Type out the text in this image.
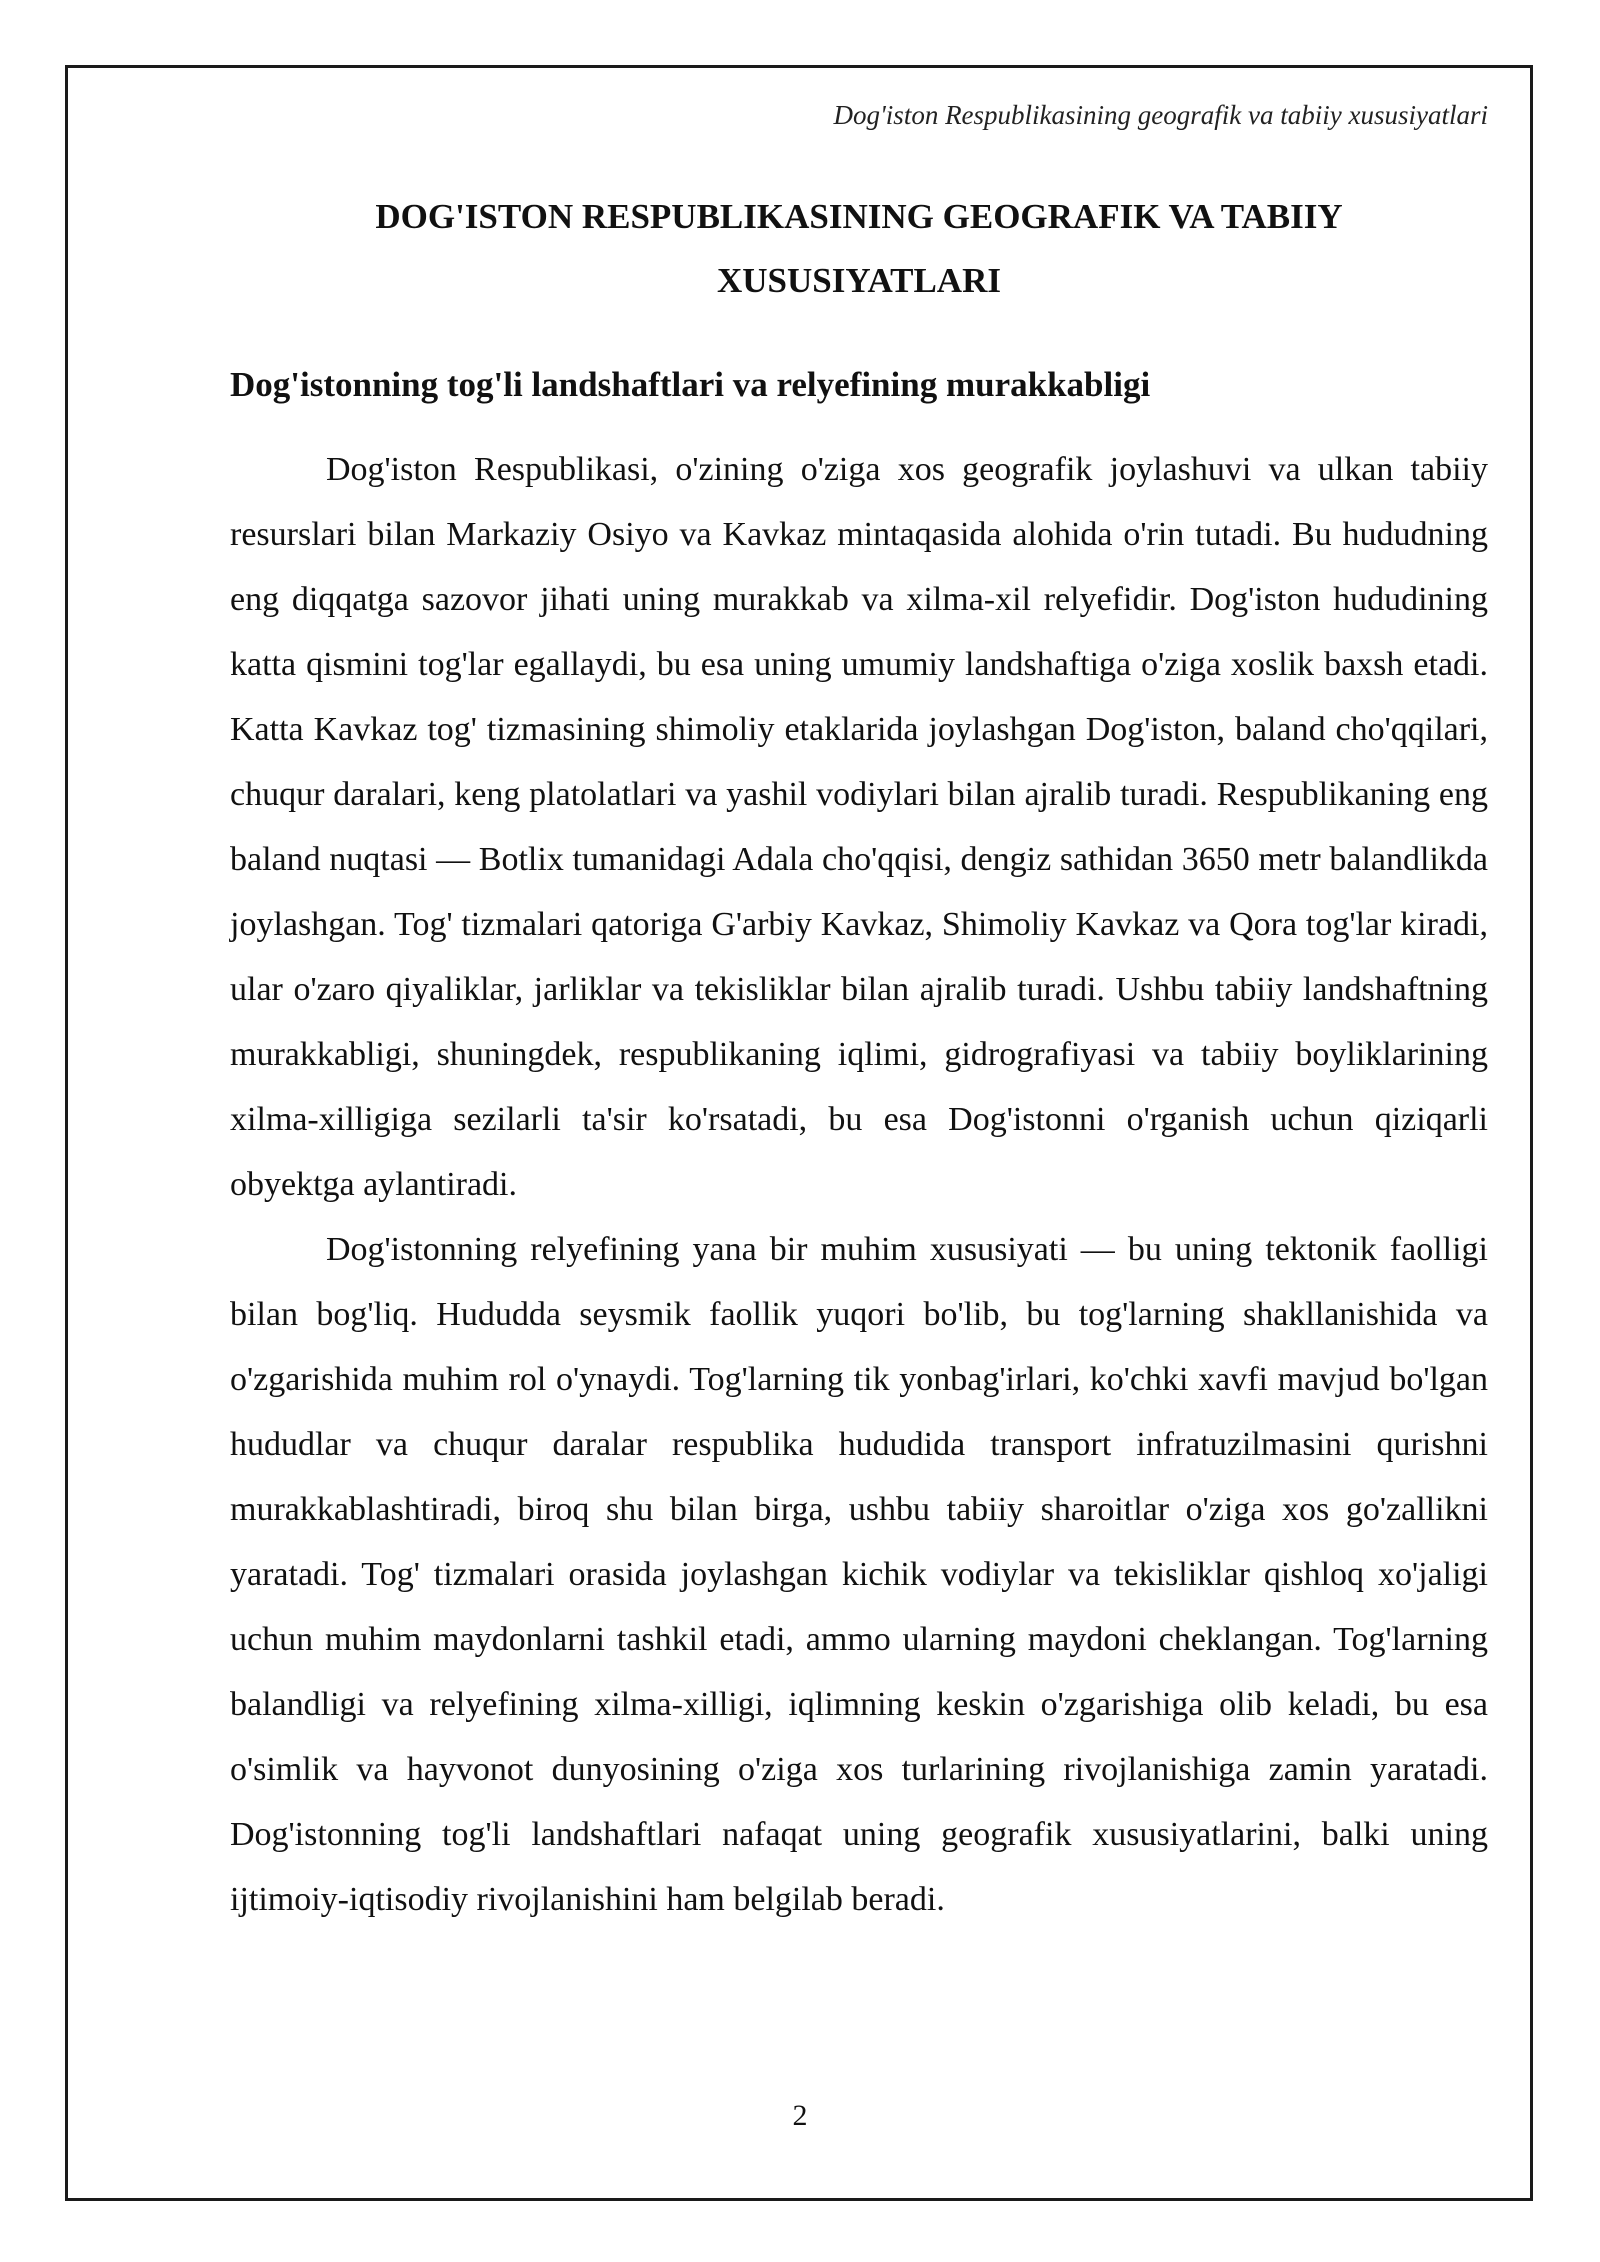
Dog'iston Respublikasining geografik va tabiiy xususiyatlari
DOG'ISTON RESPUBLIKASINING GEOGRAFIK VA TABIIY
XUSUSIYATLARI
Dog'istonning tog'li landshaftlari va relyefining murakkabligi

Dog'iston Respublikasi, o'zining o'ziga xos geografik joylashuvi va ulkan tabiiy resurslari bilan Markaziy Osiyo va Kavkaz mintaqasida alohida o'rin tutadi. Bu hududning eng diqqatga sazovor jihati uning murakkab va xilma-xil relyefidir. Dog'iston hududining katta qismini tog'lar egallaydi, bu esa uning umumiy landshaftiga o'ziga xoslik baxsh etadi. Katta Kavkaz tog' tizmasining shimoliy etaklarida joylashgan Dog'iston, baland cho'qqilari, chuqur daralari, keng platolatlari va yashil vodiylari bilan ajralib turadi. Respublikaning eng baland nuqtasi — Botlix tumanidagi Adala cho'qqisi, dengiz sathidan 3650 metr balandlikda joylashgan. Tog' tizmalari qatoriga G'arbiy Kavkaz, Shimoliy Kavkaz va Qora tog'lar kiradi, ular o'zaro qiyaliklar, jarliklar va tekisliklar bilan ajralib turadi. Ushbu tabiiy landshaftning murakkabligi, shuningdek, respublikaning iqlimi, gidrografiyasi va tabiiy boyliklarining xilma-xilligiga sezilarli ta'sir ko'rsatadi, bu esa Dog'istonni o'rganish uchun qiziqarli obyektga aylantiradi.

Dog'istonning relyefining yana bir muhim xususiyati — bu uning tektonik faolligi bilan bog'liq. Hududda seysmik faollik yuqori bo'lib, bu tog'larning shakllanishida va o'zgarishida muhim rol o'ynaydi. Tog'larning tik yonbag'irlari, ko'chki xavfi mavjud bo'lgan hududlar va chuqur daralar respublika hududida transport infratuzilmasini qurishni murakkablashtiradi, biroq shu bilan birga, ushbu tabiiy sharoitlar o'ziga xos go'zallikni yaratadi. Tog' tizmalari orasida joylashgan kichik vodiylar va tekisliklar qishloq xo'jaligi uchun muhim maydonlarni tashkil etadi, ammo ularning maydoni cheklangan. Tog'larning balandligi va relyefining xilma-xilligi, iqlimning keskin o'zgarishiga olib keladi, bu esa o'simlik va hayvonot dunyosining o'ziga xos turlarining rivojlanishiga zamin yaratadi. Dog'istonning tog'li landshaftlari nafaqat uning geografik xususiyatlarini, balki uning ijtimoiy-iqtisodiy rivojlanishini ham belgilab beradi.

2
